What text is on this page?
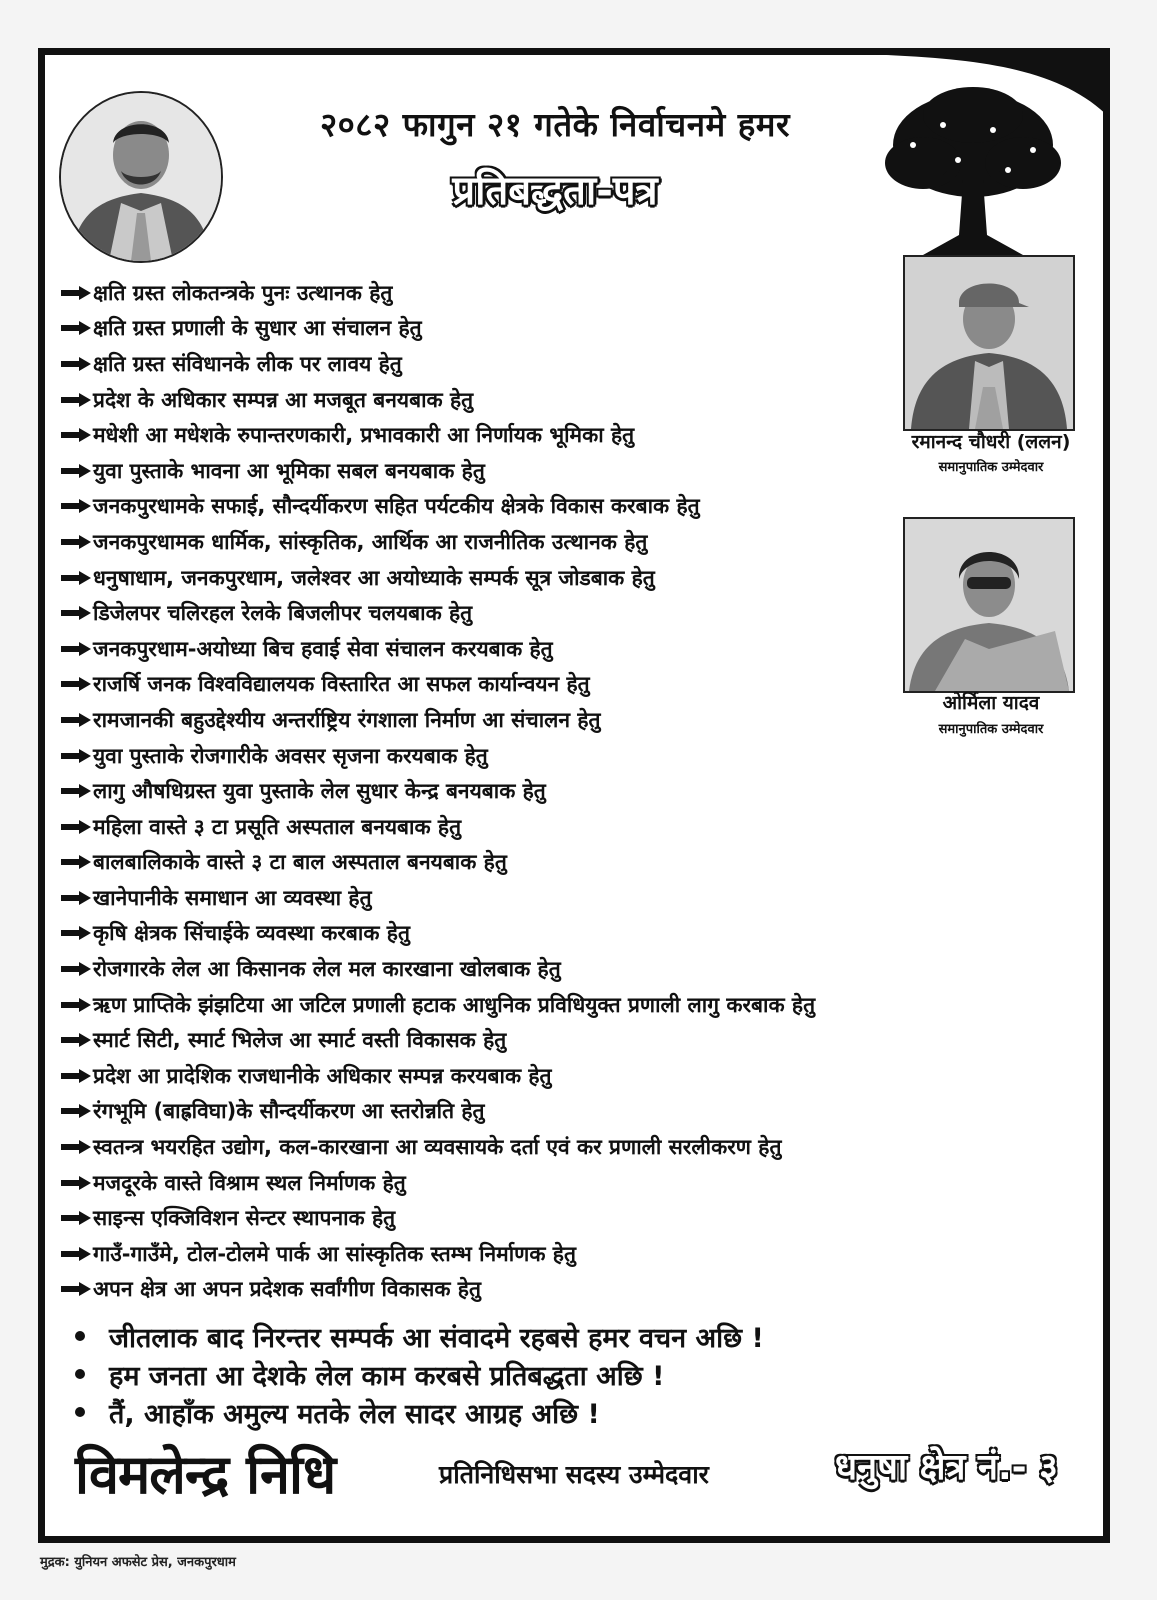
२०८२ फागुन २१ गतेके निर्वाचनमे हमर
प्रतिबद्धता-पत्र
रमानन्द चौधरी (ललन)
समानुपातिक उम्मेदवार
ओर्मिला यादव
समानुपातिक उम्मेदवार
क्षति ग्रस्त लोकतन्त्रके पुनः उत्थानक हेतु
क्षति ग्रस्त प्रणाली के सुधार आ संचालन हेतु
क्षति ग्रस्त संविधानके लीक पर लावय हेतु
प्रदेश के अधिकार सम्पन्न आ मजबूत बनयबाक हेतु
मधेशी आ मधेशके रुपान्तरणकारी, प्रभावकारी आ निर्णायक भूमिका हेतु
युवा पुस्ताके भावना आ भूमिका सबल बनयबाक हेतु
जनकपुरधामके सफाई, सौन्दर्यीकरण सहित पर्यटकीय क्षेत्रके विकास करबाक हेतु
जनकपुरधामक धार्मिक, सांस्कृतिक, आर्थिक आ राजनीतिक उत्थानक हेतु
धनुषाधाम, जनकपुरधाम, जलेश्वर आ अयोध्याके सम्पर्क सूत्र जोडबाक हेतु
डिजेलपर चलिरहल रेलके बिजलीपर चलयबाक हेतु
जनकपुरधाम-अयोध्या बिच हवाई सेवा संचालन करयबाक हेतु
राजर्षि जनक विश्वविद्यालयक विस्तारित आ सफल कार्यान्वयन हेतु
रामजानकी बहुउद्देश्यीय अन्तर्राष्ट्रिय रंगशाला निर्माण आ संचालन हेतु
युवा पुस्ताके रोजगारीके अवसर सृजना करयबाक हेतु
लागु औषधिग्रस्त युवा पुस्ताके लेल सुधार केन्द्र बनयबाक हेतु
महिला वास्ते ३ टा प्रसूति अस्पताल बनयबाक हेतु
बालबालिकाके वास्ते ३ टा बाल अस्पताल बनयबाक हेतु
खानेपानीके समाधान आ व्यवस्था हेतु
कृषि क्षेत्रक सिंचाईके व्यवस्था करबाक हेतु
रोजगारके लेल आ किसानक लेल मल कारखाना खोलबाक हेतु
ऋण प्राप्तिके झंझटिया आ जटिल प्रणाली हटाक आधुनिक प्रविधियुक्त प्रणाली लागु करबाक हेतु
स्मार्ट सिटी, स्मार्ट भिलेज आ स्मार्ट वस्ती विकासक हेतु
प्रदेश आ प्रादेशिक राजधानीके अधिकार सम्पन्न करयबाक हेतु
रंगभूमि (बाह्रविघा)के सौन्दर्यीकरण आ स्तरोन्नति हेतु
स्वतन्त्र भयरहित उद्योग, कल-कारखाना आ व्यवसायके दर्ता एवं कर प्रणाली सरलीकरण हेतु
मजदूरके वास्ते विश्राम स्थल निर्माणक हेतु
साइन्स एक्जिविशन सेन्टर स्थापनाक हेतु
गाउँ-गाउँमे, टोल-टोलमे पार्क आ सांस्कृतिक स्तम्भ निर्माणक हेतु
अपन क्षेत्र आ अपन प्रदेशक सर्वांगीण विकासक हेतु
जीतलाक बाद निरन्तर सम्पर्क आ संवादमे रहबसे हमर वचन अछि !
हम जनता आ देशके लेल काम करबसे प्रतिबद्धता अछि !
तैं, आहाँक अमुल्य मतके लेल सादर आग्रह अछि !
विमलेन्द्र निधि	प्रतिनिधिसभा सदस्य उम्मेदवार	धनुषा क्षेत्र नं.- ३
मुद्रक: युनियन अफसेट प्रेस, जनकपुरधाम
